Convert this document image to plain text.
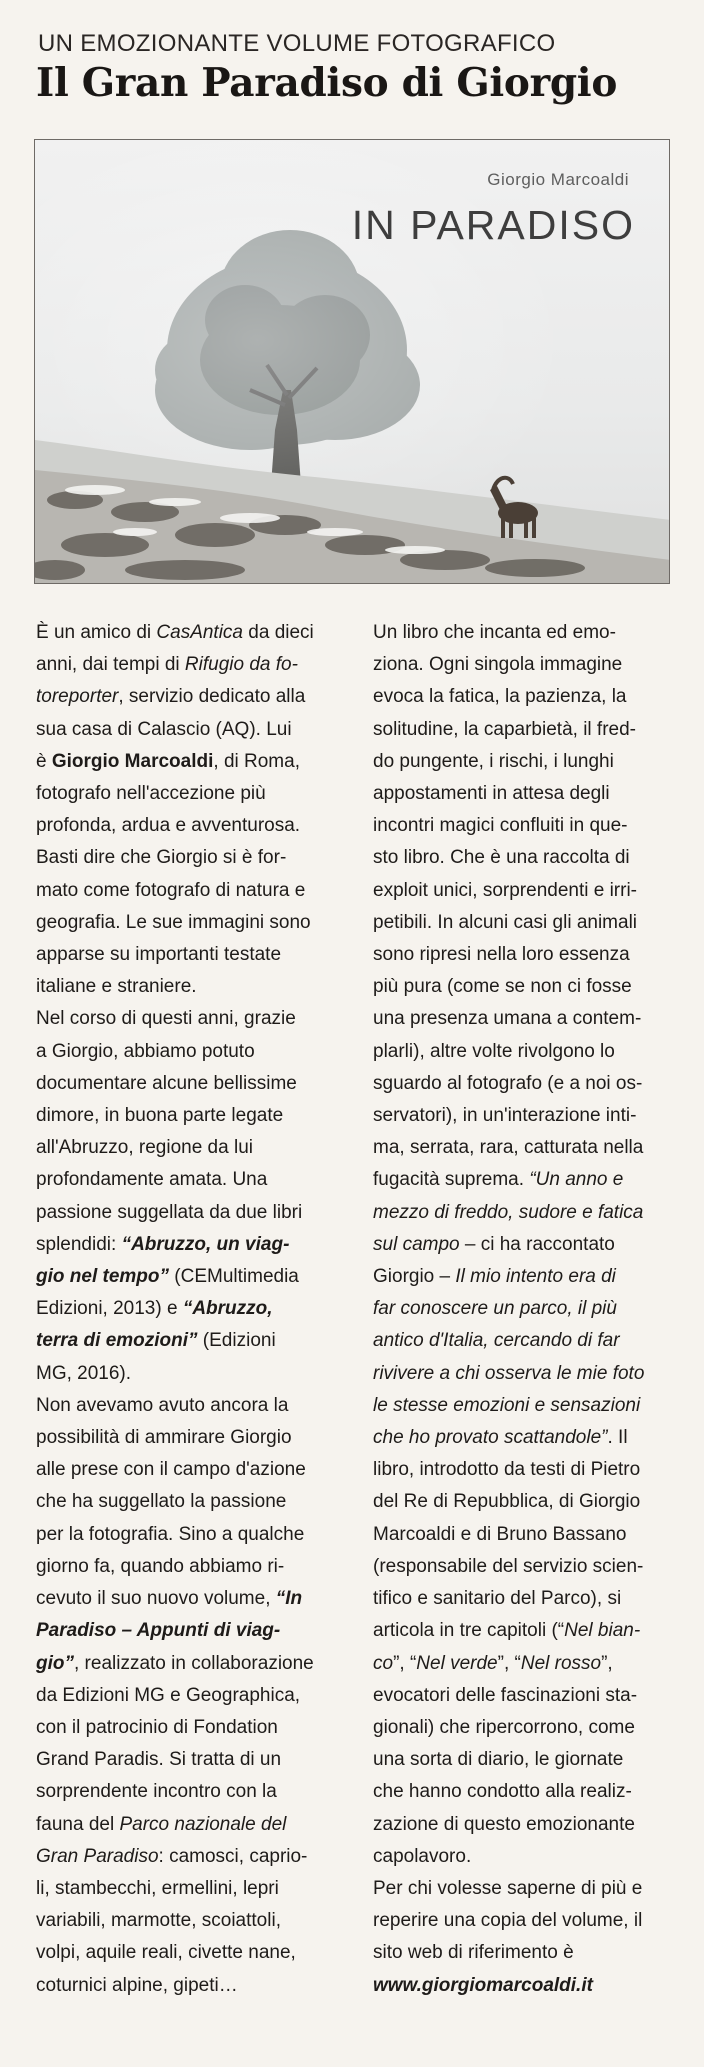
UN EMOZIONANTE VOLUME FOTOGRAFICO
Il Gran Paradiso di Giorgio
Giorgio Marcoaldi
IN PARADISO

È un amico di CasAntica da dieci

anni, dai tempi di Rifugio da fo-

toreporter, servizio dedicato alla

sua casa di Calascio (AQ). Lui

è Giorgio Marcoaldi, di Roma,

fotografo nell'accezione più

profonda, ardua e avventurosa.

Basti dire che Giorgio si è for-

mato come fotografo di natura e

geografia. Le sue immagini sono

apparse su importanti testate

italiane e straniere.

Nel corso di questi anni, grazie

a Giorgio, abbiamo potuto

documentare alcune bellissime

dimore, in buona parte legate

all'Abruzzo, regione da lui

profondamente amata. Una

passione suggellata da due libri

splendidi: “Abruzzo, un viag-

gio nel tempo” (CEMultimedia

Edizioni, 2013) e “Abruzzo,

terra di emozioni” (Edizioni

MG, 2016).

Non avevamo avuto ancora la

possibilità di ammirare Giorgio

alle prese con il campo d'azione

che ha suggellato la passione

per la fotografia. Sino a qualche

giorno fa, quando abbiamo ri-

cevuto il suo nuovo volume, “In

Paradiso – Appunti di viag-

gio”, realizzato in collaborazione

da Edizioni MG e Geographica,

con il patrocinio di Fondation

Grand Paradis. Si tratta di un

sorprendente incontro con la

fauna del Parco nazionale del

Gran Paradiso: camosci, caprio-

li, stambecchi, ermellini, lepri

variabili, marmotte, scoiattoli,

volpi, aquile reali, civette nane,

coturnici alpine, gipeti…

Un libro che incanta ed emo-

ziona. Ogni singola immagine

evoca la fatica, la pazienza, la

solitudine, la caparbietà, il fred-

do pungente, i rischi, i lunghi

appostamenti in attesa degli

incontri magici confluiti in que-

sto libro. Che è una raccolta di

exploit unici, sorprendenti e irri-

petibili. In alcuni casi gli animali

sono ripresi nella loro essenza

più pura (come se non ci fosse

una presenza umana a contem-

plarli), altre volte rivolgono lo

sguardo al fotografo (e a noi os-

servatori), in un'interazione inti-

ma, serrata, rara, catturata nella

fugacità suprema. “Un anno e

mezzo di freddo, sudore e fatica

sul campo – ci ha raccontato

Giorgio – Il mio intento era di

far conoscere un parco, il più

antico d'Italia, cercando di far

rivivere a chi osserva le mie foto

le stesse emozioni e sensazioni

che ho provato scattandole”. Il

libro, introdotto da testi di Pietro

del Re di Repubblica, di Giorgio

Marcoaldi e di Bruno Bassano

(responsabile del servizio scien-

tifico e sanitario del Parco), si

articola in tre capitoli (“Nel bian-

co”, “Nel verde”, “Nel rosso”,

evocatori delle fascinazioni sta-

gionali) che ripercorrono, come

una sorta di diario, le giornate

che hanno condotto alla realiz-

zazione di questo emozionante

capolavoro.

Per chi volesse saperne di più e

reperire una copia del volume, il

sito web di riferimento è

www.giorgiomarcoaldi.it
